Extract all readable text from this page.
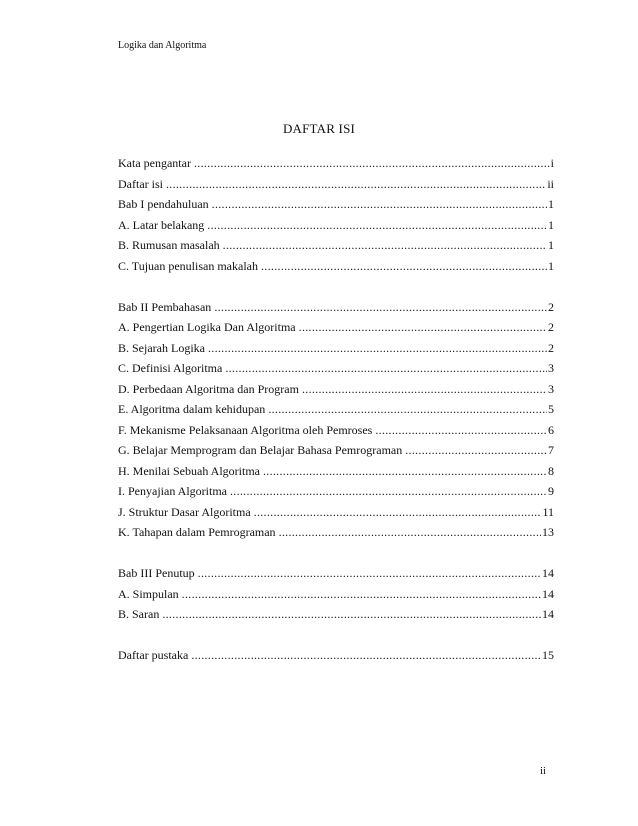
Logika dan Algoritma
DAFTAR ISI
Kata pengantar .....	i
Daftar isi .....	ii
Bab I pendahuluan .....	1
A. Latar belakang .....	1
B. Rumusan masalah .....	1
C. Tujuan penulisan makalah .....	1
Bab II Pembahasan .....	2
A. Pengertian Logika Dan Algoritma .....	2
B. Sejarah Logika .....	2
C. Definisi Algoritma .....	3
D. Perbedaan Algoritma dan Program .....	3
E. Algoritma dalam kehidupan .....	5
F. Mekanisme Pelaksanaan Algoritma oleh Pemroses .....	6
G. Belajar Memprogram dan Belajar Bahasa Pemrograman .....	7
H. Menilai Sebuah Algoritma .....	8
I. Penyajian Algoritma .....	9
J. Struktur Dasar Algoritma .....	11
K. Tahapan dalam Pemrograman .....	13
Bab III Penutup .....	14
A. Simpulan .....	14
B. Saran .....	14
Daftar pustaka .....	15
ii
